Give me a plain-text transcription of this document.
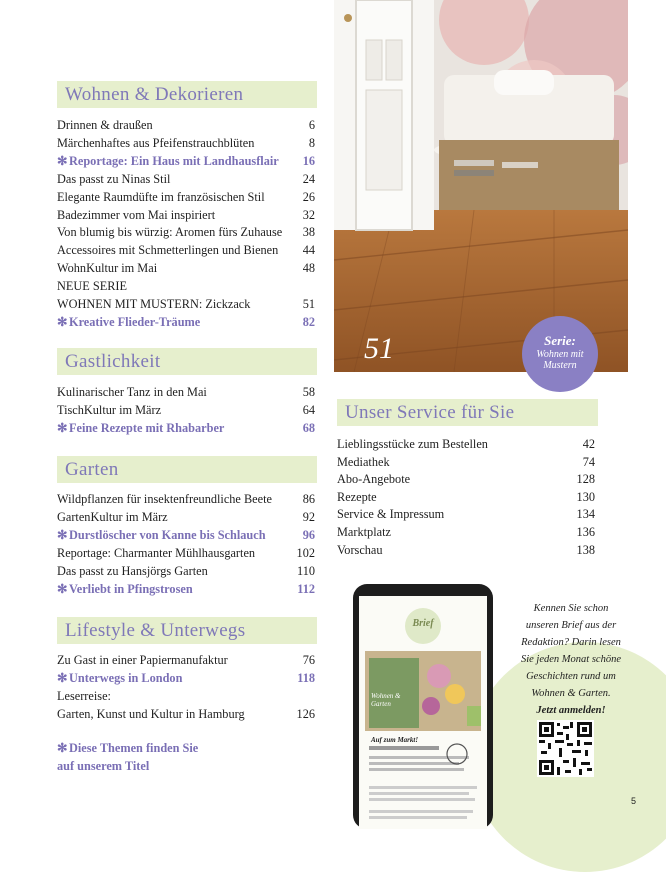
Wohnen & Dekorieren
Drinnen & draußen	6
Märchenhaftes aus Pfeifenstrauchblüten	8
✻ Reportage: Ein Haus mit Landhausflair	16
Das passt zu Ninas Stil	24
Elegante Raumdüfte im französischen Stil	26
Badezimmer vom Mai inspiriert	32
Von blumig bis würzig: Aromen fürs Zuhause	38
Accessoires mit Schmetterlingen und Bienen	44
WohnKultur im Mai	48
NEUE SERIE
WOHNEN MIT MUSTERN: Zickzack	51
✻ Kreative Flieder-Träume	82
Gastlichkeit
Kulinarischer Tanz in den Mai	58
TischKultur im März	64
✻ Feine Rezepte mit Rhabarber	68
Garten
Wildpflanzen für insektenfreundliche Beete	86
GartenKultur im März	92
✻ Durstlöscher von Kanne bis Schlauch	96
Reportage: Charmanter Mühlhausgarten	102
Das passt zu Hansjörgs Garten	110
✻ Verliebt in Pfingstrosen	112
Lifestyle & Unterwegs
Zu Gast in einer Papiermanufaktur	76
✻ Unterwegs in London	118
Leserreise:
Garten, Kunst und Kultur in Hamburg	126
✻ Diese Themen finden Sie
auf unserem Titel
51	Serie:
Wohnen mit
Mustern
Unser Service für Sie
Lieblingsstücke zum Bestellen	42
Mediathek	74
Abo-Angebote	128
Rezepte	130
Service & Impressum	134
Marktplatz	136
Vorschau	138
Brief
Wohnen & Garten
Auf zum Markt!
Kennen Sie schon
unseren Brief aus der
Redaktion? Darin lesen
Sie jeden Monat schöne
Geschichten rund um
Wohnen & Garten.
Jetzt anmelden!
5
